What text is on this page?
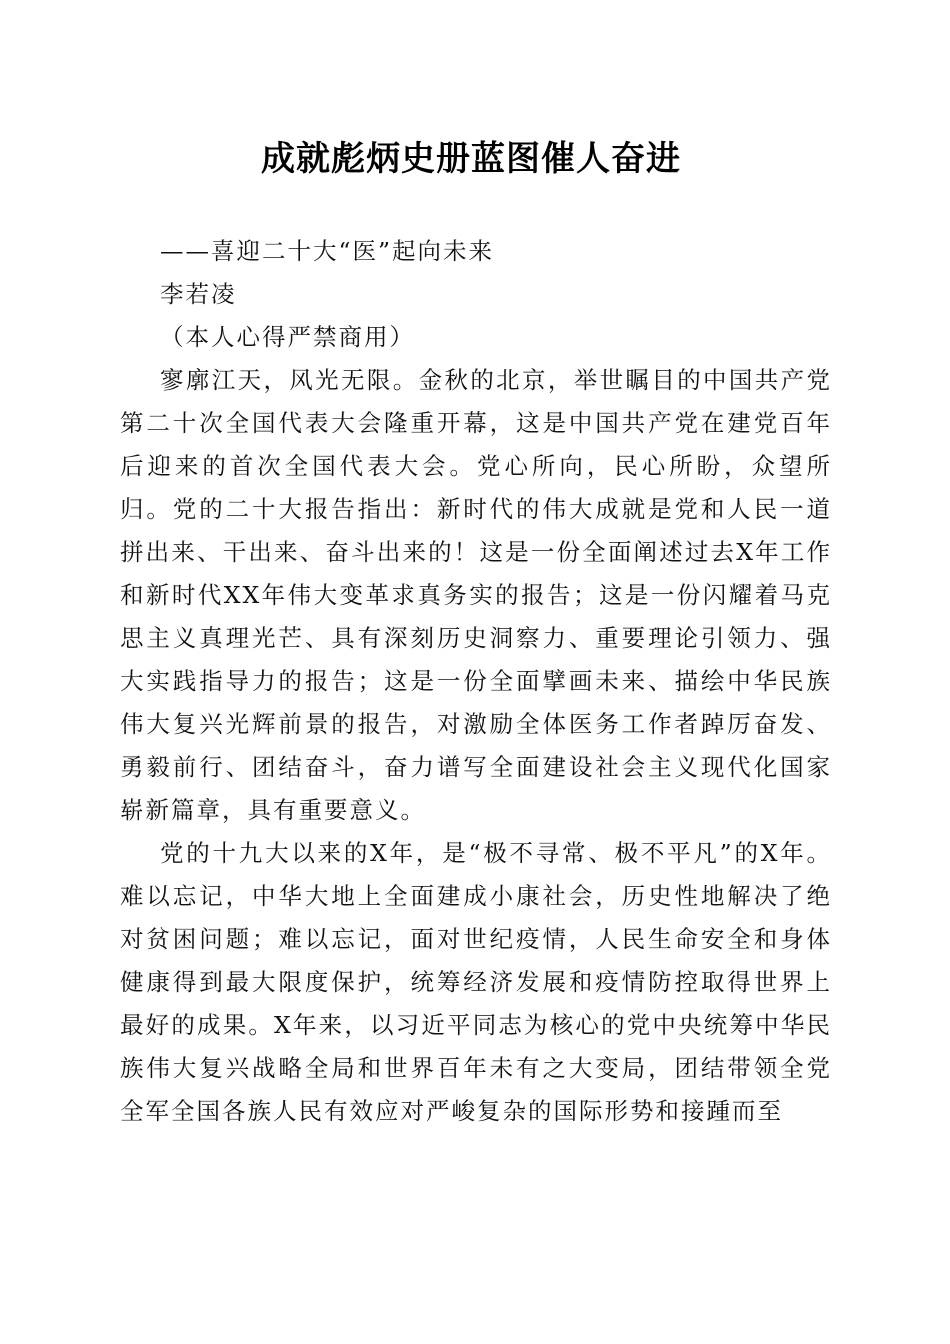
成就彪炳史册蓝图催人奋进

——喜迎二十大“医”起向未来

李若凌

（本人心得严禁商用）

寥廓江天，风光无限。金秋的北京，举世瞩目的中国共产党第二十次全国代表大会隆重开幕，这是中国共产党在建党百年后迎来的首次全国代表大会。党心所向，民心所盼，众望所归。党的二十大报告指出：新时代的伟大成就是党和人民一道拼出来、干出来、奋斗出来的！这是一份全面阐述过去X年工作和新时代XX年伟大变革求真务实的报告；这是一份闪耀着马克思主义真理光芒、具有深刻历史洞察力、重要理论引领力、强大实践指导力的报告；这是一份全面擘画未来、描绘中华民族伟大复兴光辉前景的报告，对激励全体医务工作者踔厉奋发、勇毅前行、团结奋斗，奋力谱写全面建设社会主义现代化国家崭新篇章，具有重要意义。

党的十九大以来的X年，是“极不寻常、极不平凡”的X年。难以忘记，中华大地上全面建成小康社会，历史性地解决了绝对贫困问题；难以忘记，面对世纪疫情，人民生命安全和身体健康得到最大限度保护，统筹经济发展和疫情防控取得世界上最好的成果。X年来，以习近平同志为核心的党中央统筹中华民族伟大复兴战略全局和世界百年未有之大变局，团结带领全党全军全国各族人民有效应对严峻复杂的国际形势和接踵而至
